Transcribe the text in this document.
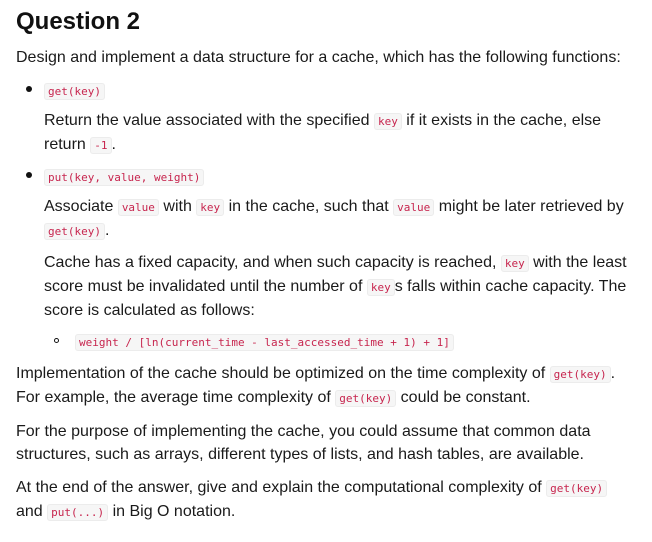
Question 2

Design and implement a data structure for a cache, which has the following functions:

get(key)

Return the value associated with the specified key if it exists in the cache, else return -1 .

put(key, value, weight)

Associate value with key in the cache, such that value might be later retrieved by get(key) .

Cache has a fixed capacity, and when such capacity is reached, key with the least score must be invalidated until the number of key s falls within cache capacity. The score is calculated as follows:

weight ∕ [ln(current_time - last_accessed_time + 1) + 1]

Implementation of the cache should be optimized on the time complexity of get(key) . For example, the average time complexity of get(key) could be constant.

For the purpose of implementing the cache, you could assume that common data structures, such as arrays, different types of lists, and hash tables, are available.

At the end of the answer, give and explain the computational complexity of get(key) and put(...) in Big O notation.
